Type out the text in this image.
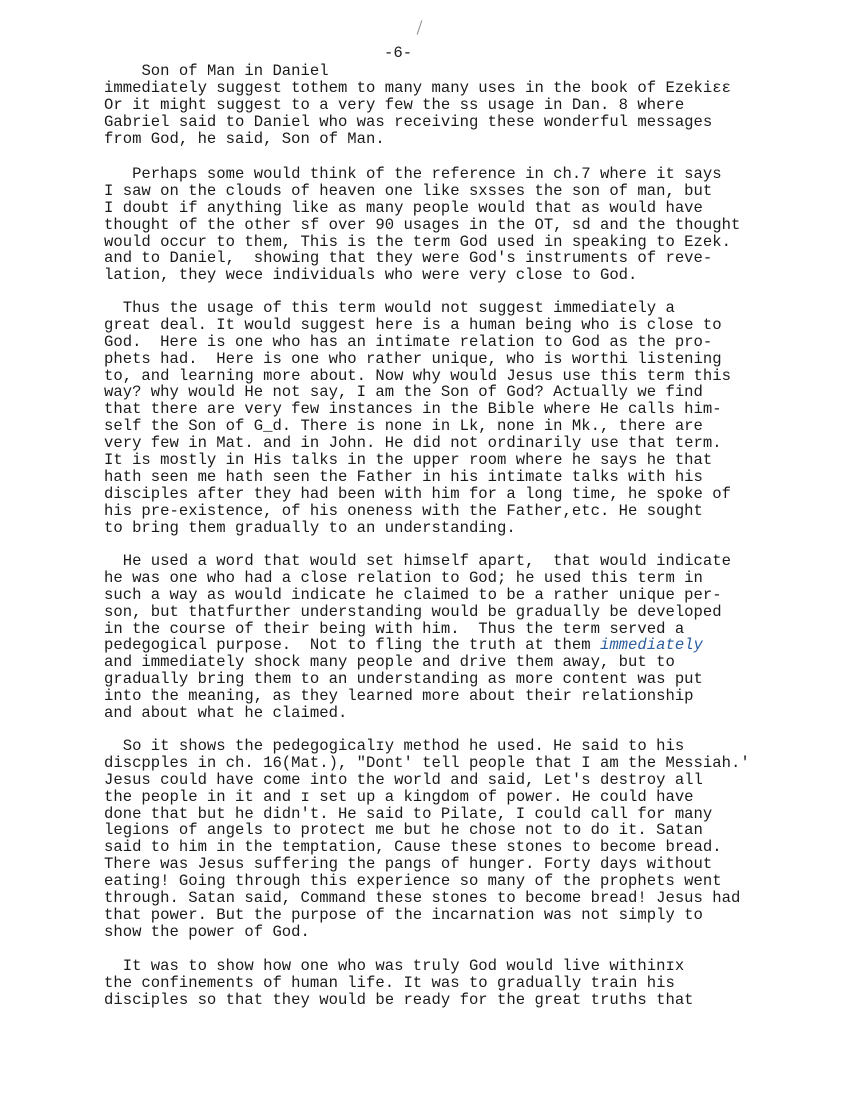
Son of Man in Daniel

-6-

immediately suggest tothem to many many uses in the book of Ezekiɛɛ
Or it might suggest to a very few the ss usage in Dan. 8 where
Gabriel said to Daniel who was receiving these wonderful messages
from God, he said, Son of Man.
Perhaps some would think of the reference in ch.7 where it says
I saw on the clouds of heaven one like sxsses the son of man, but
I doubt if anything like as many people would that as would have
thought of the other sf over 90 usages in the OT, sd and the thought
would occur to them, This is the term God used in speaking to Ezek.
and to Daniel,  showing that they were God's instruments of reve-
lation, they wece individuals who were very close to God.
Thus the usage of this term would not suggest immediately a
great deal. It would suggest here is a human being who is close to
God.  Here is one who has an intimate relation to God as the pro-
phets had.  Here is one who rather unique, who is worthi listening
to, and learning more about. Now why would Jesus use this term this
way? why would He not say, I am the Son of God? Actually we find
that there are very few instances in the Bible where He calls him-
self the Son of G_d. There is none in Lk, none in Mk., there are
very few in Mat. and in John. He did not ordinarily use that term.
It is mostly in His talks in the upper room where he says he that
hath seen me hath seen the Father in his intimate talks with his
disciples after they had been with him for a long time, he spoke of
his pre-existence, of his oneness with the Father,etc. He sought
to bring them gradually to an understanding.
He used a word that would set himself apart,  that would indicate
he was one who had a close relation to God; he used this term in
such a way as would indicate he claimed to be a rather unique per-
son, but thatfurther understanding would be gradually be developed
in the course of their being with him.  Thus the term served a
pedegogical purpose.  Not to fling the truth at them immediately
and immediately shock many people and drive them away, but to
gradually bring them to an understanding as more content was put
into the meaning, as they learned more about their relationship
and about what he claimed.
So it shows the pedegogicalɪy method he used. He said to his
discpples in ch. 16(Mat.), "Dont' tell people that I am the Messiah.'
Jesus could have come into the world and said, Let's destroy all
the people in it and ɪ set up a kingdom of power. He could have
done that but he didn't. He said to Pilate, I could call for many
legions of angels to protect me but he chose not to do it. Satan
said to him in the temptation, Cause these stones to become bread.
There was Jesus suffering the pangs of hunger. Forty days without
eating! Going through this experience so many of the prophets went
through. Satan said, Command these stones to become bread! Jesus had
that power. But the purpose of the incarnation was not simply to
show the power of God.
It was to show how one who was truly God would live withinɪx
the confinements of human life. It was to gradually train his
disciples so that they would be ready for the great truths that
